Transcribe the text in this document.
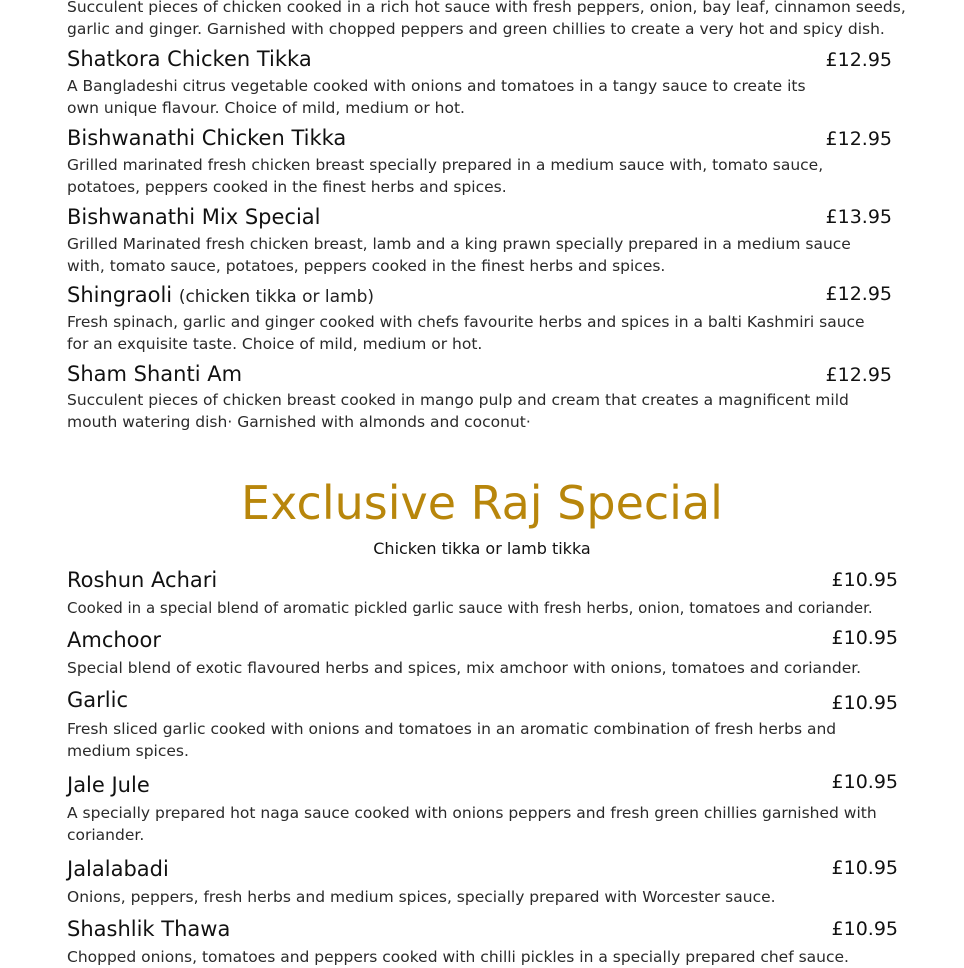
Succulent pieces of chicken cooked in a rich hot sauce with fresh peppers, onion, bay leaf, cinnamon seeds, garlic and ginger. Garnished with chopped peppers and green chillies to create a very hot and spicy dish.
Shatkora Chicken Tikka	£12.95
A Bangladeshi citrus vegetable cooked with onions and tomatoes in a tangy sauce to create its own unique flavour. Choice of mild, medium or hot.
Bishwanathi Chicken Tikka	£12.95
Grilled marinated fresh chicken breast specially prepared in a medium sauce with, tomato sauce, potatoes, peppers cooked in the finest herbs and spices.
Bishwanathi Mix Special	£13.95
Grilled Marinated fresh chicken breast, lamb and a king prawn specially prepared in a medium sauce with, tomato sauce, potatoes, peppers cooked in the finest herbs and spices.
Shingraoli (chicken tikka or lamb)	£12.95
Fresh spinach, garlic and ginger cooked with chefs favourite herbs and spices in a balti Kashmiri sauce for an exquisite taste. Choice of mild, medium or hot.
Sham Shanti Am	£12.95
Succulent pieces of chicken breast cooked in mango pulp and cream that creates a magnificent mild mouth watering dish· Garnished with almonds and coconut·
Exclusive Raj Special
Chicken tikka or lamb tikka
Roshun Achari	£10.95
Cooked in a special blend of aromatic pickled garlic sauce with fresh herbs, onion, tomatoes and coriander.
Amchoor	£10.95
Special blend of exotic flavoured herbs and spices, mix amchoor with onions, tomatoes and coriander.
Garlic	£10.95
Fresh sliced garlic cooked with onions and tomatoes in an aromatic combination of fresh herbs and medium spices.
Jale Jule	£10.95
A specially prepared hot naga sauce cooked with onions peppers and fresh green chillies garnished with coriander.
Jalalabadi	£10.95
Onions, peppers, fresh herbs and medium spices, specially prepared with Worcester sauce.
Shashlik Thawa	£10.95
Chopped onions, tomatoes and peppers cooked with chilli pickles in a specially prepared chef sauce.
